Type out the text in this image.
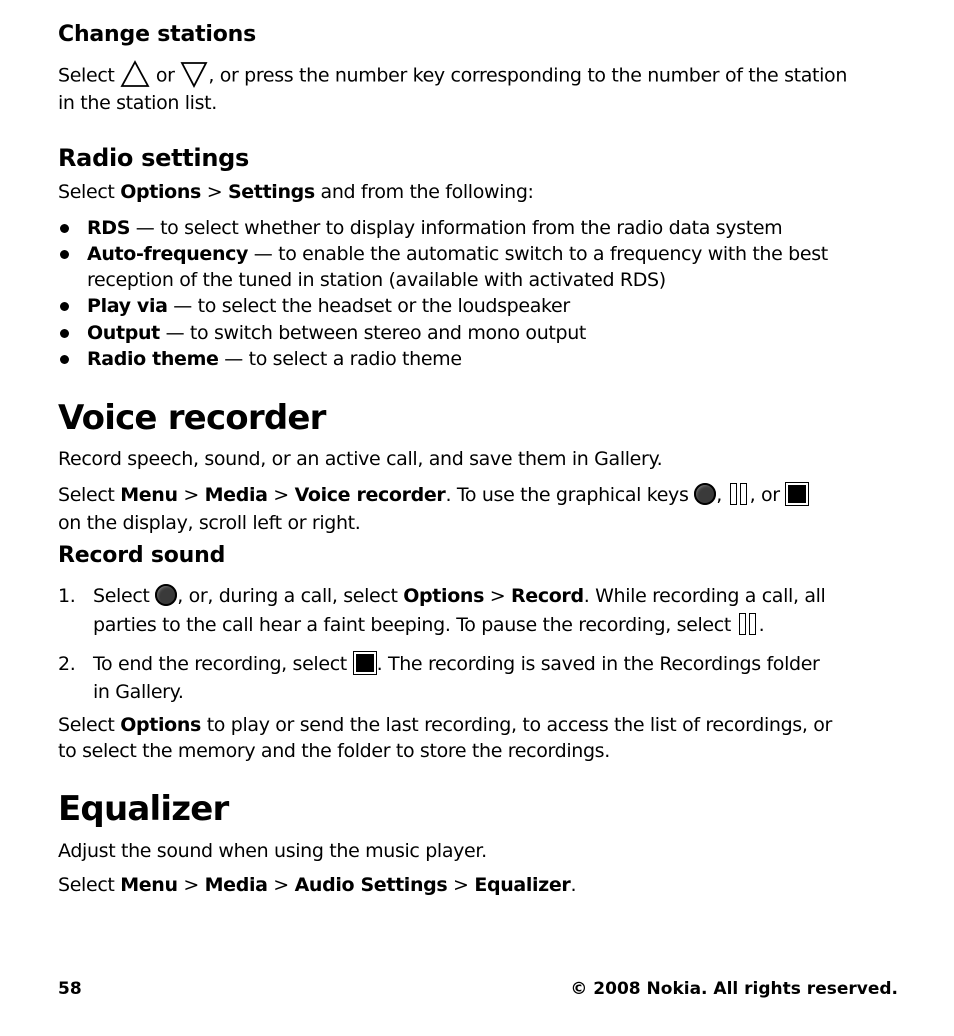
Change stations
Select  or , or press the number key corresponding to the number of the station
in the station list.
Radio settings
Select Options > Settings and from the following:
RDS — to select whether to display information from the radio data system
Auto-frequency — to enable the automatic switch to a frequency with the best
reception of the tuned in station (available with activated RDS)
Play via — to select the headset or the loudspeaker
Output — to switch between stereo and mono output
Radio theme — to select a radio theme
Voice recorder
Record speech, sound, or an active call, and save them in Gallery.
Select Menu > Media > Voice recorder. To use the graphical keys , , or
on the display, scroll left or right.
Record sound
1. Select , or, during a call, select Options > Record. While recording a call, all
parties to the call hear a faint beeping. To pause the recording, select .
2. To end the recording, select . The recording is saved in the Recordings folder
in Gallery.
Select Options to play or send the last recording, to access the list of recordings, or
to select the memory and the folder to store the recordings.
Equalizer
Adjust the sound when using the music player.
Select Menu > Media > Audio Settings > Equalizer.
58	© 2008 Nokia. All rights reserved.
